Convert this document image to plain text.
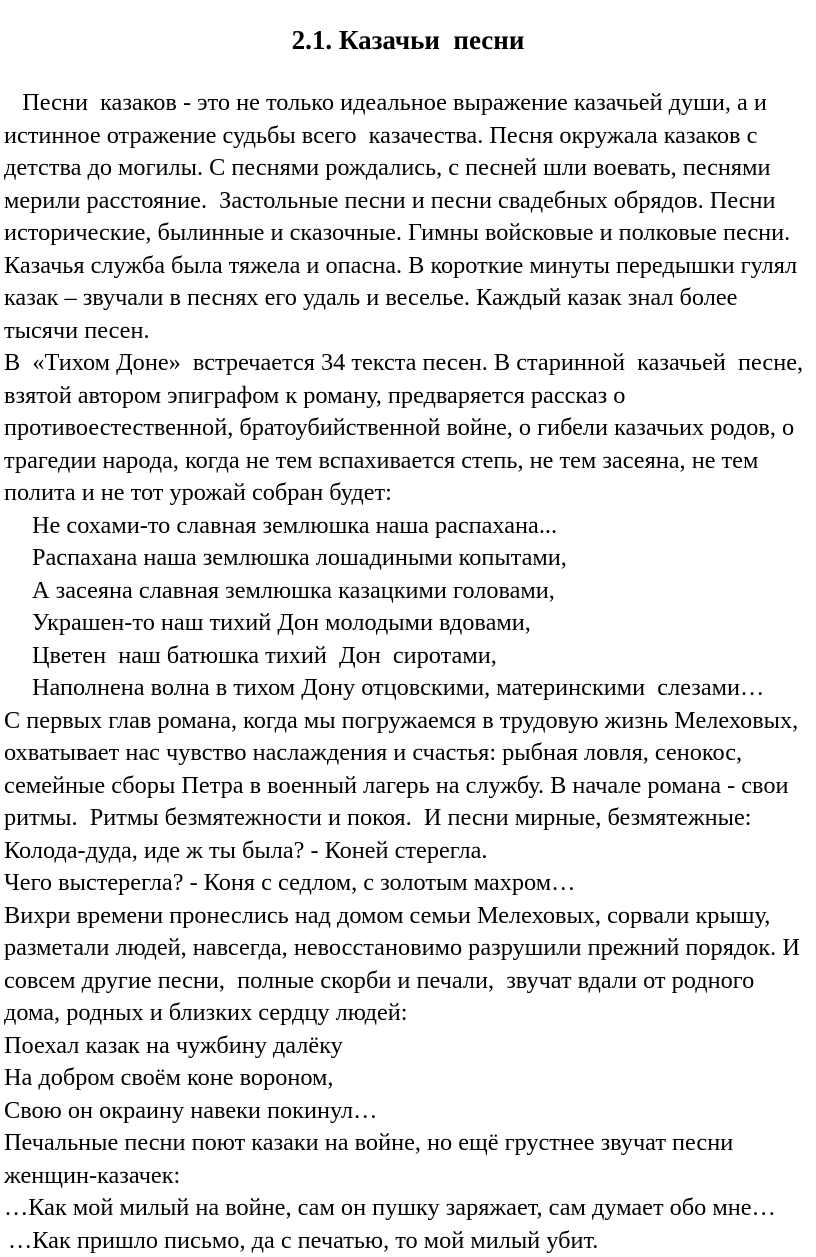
2.1. Казачьи  песни
Песни  казаков - это не только идеальное выражение казачьей души, а и
истинное отражение судьбы всего  казачества. Песня окружала казаков с
детства до могилы. С песнями рождались, с песней шли воевать, песнями
мерили расстояние.  Застольные песни и песни свадебных обрядов. Песни
исторические, былинные и сказочные. Гимны войсковые и полковые песни.
Казачья служба была тяжела и опасна. В короткие минуты передышки гулял
казак – звучали в песнях его удаль и веселье. Каждый казак знал более
тысячи песен.
В  «Тихом Доне»  встречается 34 текста песен. В старинной  казачьей  песне,
взятой автором эпиграфом к роману, предваряется рассказ о
противоестественной, братоубийственной войне, о гибели казачьих родов, о
трагедии народа, когда не тем вспахивается степь, не тем засеяна, не тем
полита и не тот урожай собран будет:
Не сохами-то славная землюшка наша распахана...
Распахана наша землюшка лошадиными копытами,
А засеяна славная землюшка казацкими головами,
Украшен-то наш тихий Дон молодыми вдовами,
Цветен  наш батюшка тихий  Дон  сиротами,
Наполнена волна в тихом Дону отцовскими, материнскими  слезами…
С первых глав романа, когда мы погружаемся в трудовую жизнь Мелеховых,
охватывает нас чувство наслаждения и счастья: рыбная ловля, сенокос,
семейные сборы Петра в военный лагерь на службу. В начале романа - свои
ритмы.  Ритмы безмятежности и покоя.  И песни мирные, безмятежные:
Колода-дуда, иде ж ты была? - Коней стерегла.
Чего выстерегла? - Коня с седлом, с золотым махром…
Вихри времени пронеслись над домом семьи Мелеховых, сорвали крышу,
разметали людей, навсегда, невосстановимо разрушили прежний порядок. И
совсем другие песни,  полные скорби и печали,  звучат вдали от родного
дома, родных и близких сердцу людей:
Поехал казак на чужбину далёку
На добром своём коне вороном,
Свою он окраину навеки покинул…
Печальные песни поют казаки на войне, но ещё грустнее звучат песни
женщин-казачек:
…Как мой милый на войне, сам он пушку заряжает, сам думает обо мне…
…Как пришло письмо, да с печатью, то мой милый убит.
